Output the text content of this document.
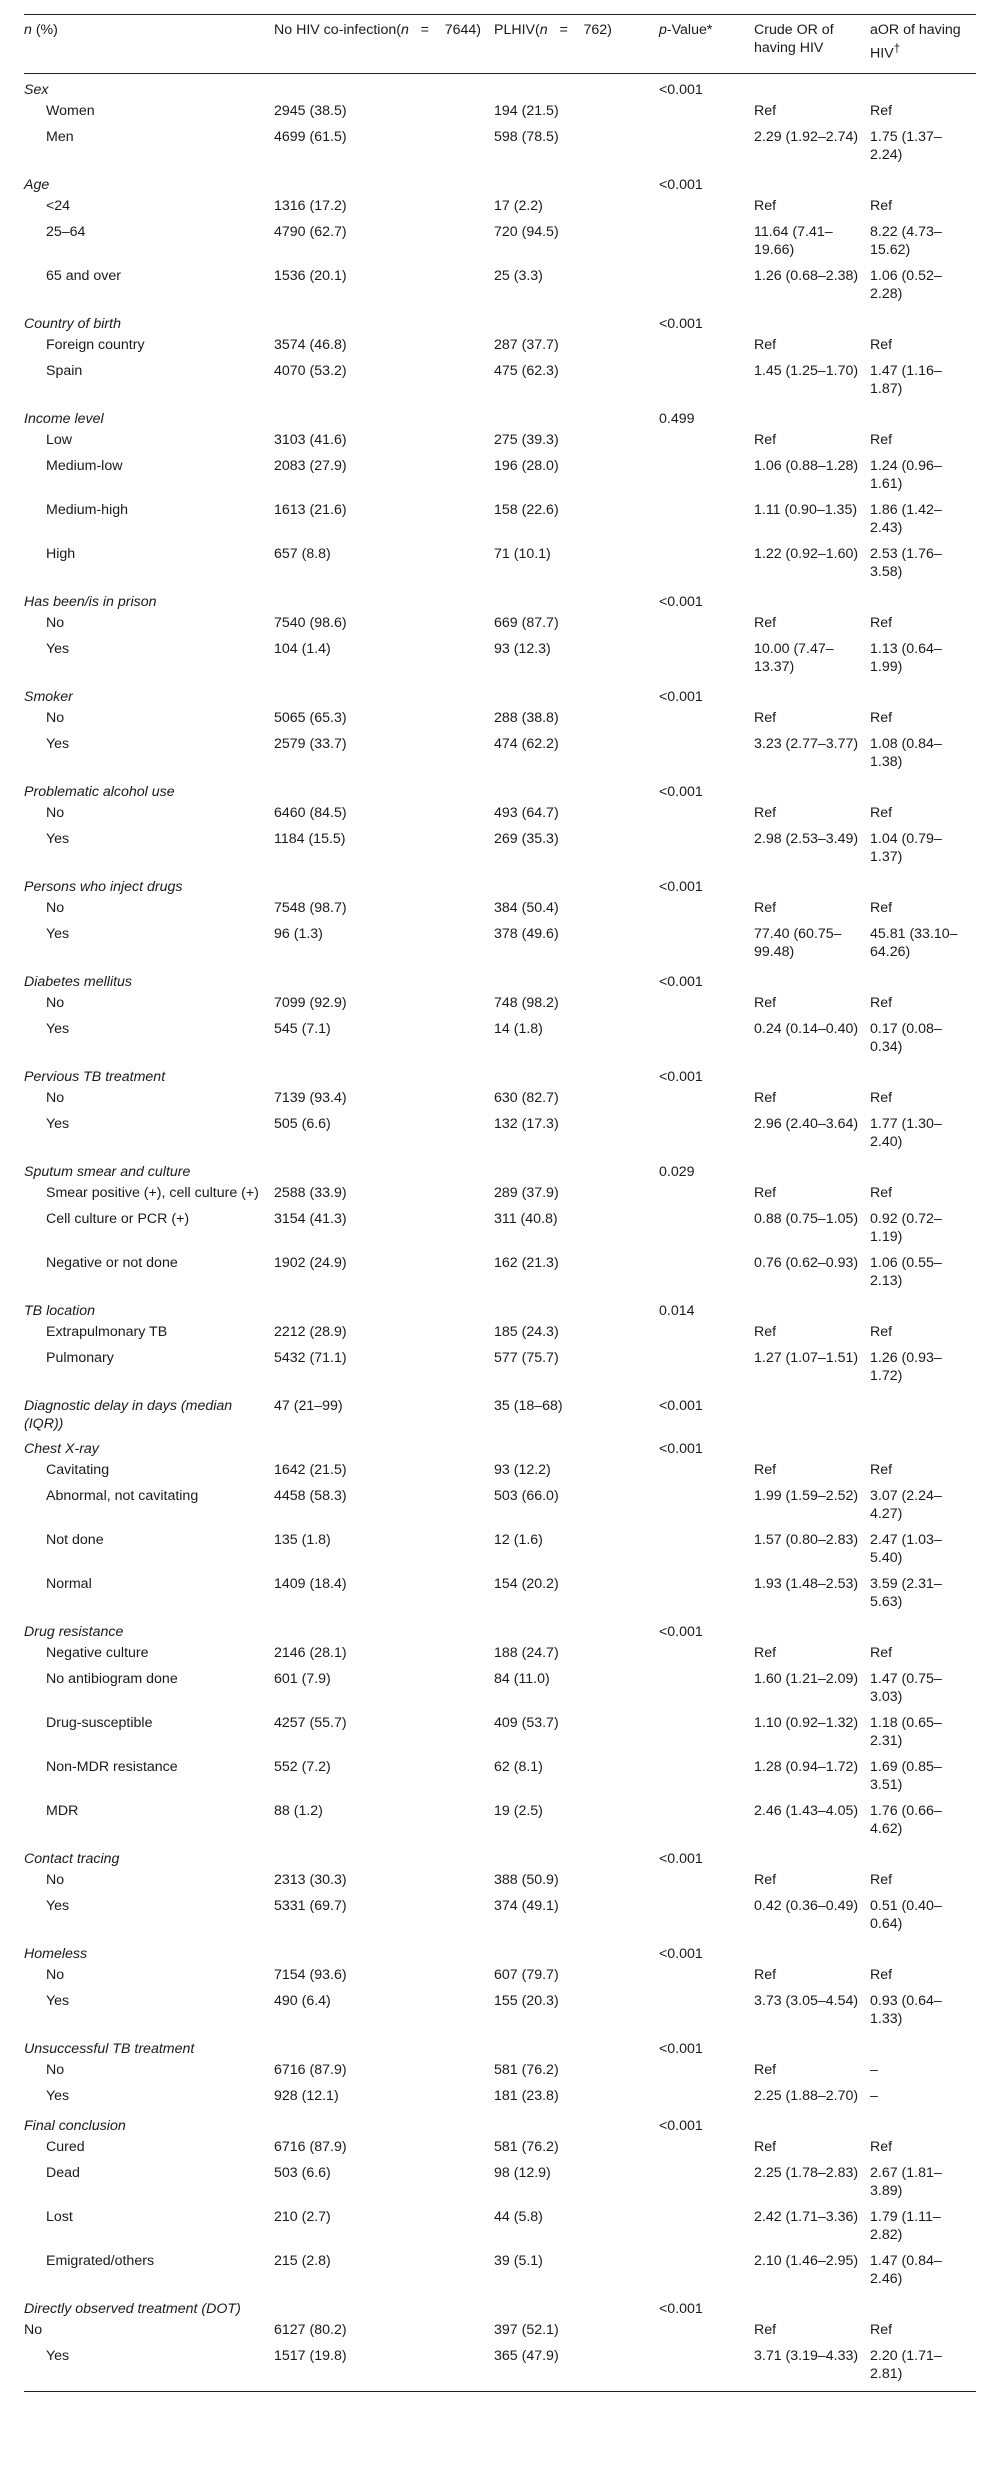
n (%)	No HIV co-infection(n   =    7644)	PLHIV(n   =    762)	p-Value*	Crude OR of having HIV	aOR of having HIV†
Sex			<0.001		
Women	2945 (38.5)	194 (21.5)		Ref	Ref
Men	4699 (61.5)	598 (78.5)		2.29 (1.92–2.74)	1.75 (1.37–2.24)
Age			<0.001		
<24	1316 (17.2)	17 (2.2)		Ref	Ref
25–64	4790 (62.7)	720 (94.5)		11.64 (7.41–19.66)	8.22 (4.73–15.62)
65 and over	1536 (20.1)	25 (3.3)		1.26 (0.68–2.38)	1.06 (0.52–2.28)
Country of birth			<0.001		
Foreign country	3574 (46.8)	287 (37.7)		Ref	Ref
Spain	4070 (53.2)	475 (62.3)		1.45 (1.25–1.70)	1.47 (1.16–1.87)
Income level			0.499		
Low	3103 (41.6)	275 (39.3)		Ref	Ref
Medium-low	2083 (27.9)	196 (28.0)		1.06 (0.88–1.28)	1.24 (0.96–1.61)
Medium-high	1613 (21.6)	158 (22.6)		1.11 (0.90–1.35)	1.86 (1.42–2.43)
High	657 (8.8)	71 (10.1)		1.22 (0.92–1.60)	2.53 (1.76–3.58)
Has been/is in prison			<0.001		
No	7540 (98.6)	669 (87.7)		Ref	Ref
Yes	104 (1.4)	93 (12.3)		10.00 (7.47–13.37)	1.13 (0.64–1.99)
Smoker			<0.001		
No	5065 (65.3)	288 (38.8)		Ref	Ref
Yes	2579 (33.7)	474 (62.2)		3.23 (2.77–3.77)	1.08 (0.84–1.38)
Problematic alcohol use			<0.001		
No	6460 (84.5)	493 (64.7)		Ref	Ref
Yes	1184 (15.5)	269 (35.3)		2.98 (2.53–3.49)	1.04 (0.79–1.37)
Persons who inject drugs			<0.001		
No	7548 (98.7)	384 (50.4)		Ref	Ref
Yes	96 (1.3)	378 (49.6)		77.40 (60.75–99.48)	45.81 (33.10–64.26)
Diabetes mellitus			<0.001		
No	7099 (92.9)	748 (98.2)		Ref	Ref
Yes	545 (7.1)	14 (1.8)		0.24 (0.14–0.40)	0.17 (0.08–0.34)
Pervious TB treatment			<0.001		
No	7139 (93.4)	630 (82.7)		Ref	Ref
Yes	505 (6.6)	132 (17.3)		2.96 (2.40–3.64)	1.77 (1.30–2.40)
Sputum smear and culture			0.029		
Smear positive (+), cell culture (+)	2588 (33.9)	289 (37.9)		Ref	Ref
Cell culture or PCR (+)	3154 (41.3)	311 (40.8)		0.88 (0.75–1.05)	0.92 (0.72–1.19)
Negative or not done	1902 (24.9)	162 (21.3)		0.76 (0.62–0.93)	1.06 (0.55–2.13)
TB location			0.014		
Extrapulmonary TB	2212 (28.9)	185 (24.3)		Ref	Ref
Pulmonary	5432 (71.1)	577 (75.7)		1.27 (1.07–1.51)	1.26 (0.93–1.72)
Diagnostic delay in days (median (IQR))	47 (21–99)	35 (18–68)	<0.001		
Chest X-ray			<0.001		
Cavitating	1642 (21.5)	93 (12.2)		Ref	Ref
Abnormal, not cavitating	4458 (58.3)	503 (66.0)		1.99 (1.59–2.52)	3.07 (2.24–4.27)
Not done	135 (1.8)	12 (1.6)		1.57 (0.80–2.83)	2.47 (1.03–5.40)
Normal	1409 (18.4)	154 (20.2)		1.93 (1.48–2.53)	3.59 (2.31–5.63)
Drug resistance			<0.001		
Negative culture	2146 (28.1)	188 (24.7)		Ref	Ref
No antibiogram done	601 (7.9)	84 (11.0)		1.60 (1.21–2.09)	1.47 (0.75–3.03)
Drug-susceptible	4257 (55.7)	409 (53.7)		1.10 (0.92–1.32)	1.18 (0.65–2.31)
Non-MDR resistance	552 (7.2)	62 (8.1)		1.28 (0.94–1.72)	1.69 (0.85–3.51)
MDR	88 (1.2)	19 (2.5)		2.46 (1.43–4.05)	1.76 (0.66–4.62)
Contact tracing			<0.001		
No	2313 (30.3)	388 (50.9)		Ref	Ref
Yes	5331 (69.7)	374 (49.1)		0.42 (0.36–0.49)	0.51 (0.40–0.64)
Homeless			<0.001		
No	7154 (93.6)	607 (79.7)		Ref	Ref
Yes	490 (6.4)	155 (20.3)		3.73 (3.05–4.54)	0.93 (0.64–1.33)
Unsuccessful TB treatment			<0.001		
No	6716 (87.9)	581 (76.2)		Ref	–
Yes	928 (12.1)	181 (23.8)		2.25 (1.88–2.70)	–
Final conclusion			<0.001		
Cured	6716 (87.9)	581 (76.2)		Ref	Ref
Dead	503 (6.6)	98 (12.9)		2.25 (1.78–2.83)	2.67 (1.81–3.89)
Lost	210 (2.7)	44 (5.8)		2.42 (1.71–3.36)	1.79 (1.11–2.82)
Emigrated/others	215 (2.8)	39 (5.1)		2.10 (1.46–2.95)	1.47 (0.84–2.46)
Directly observed treatment (DOT)			<0.001		
No	6127 (80.2)	397 (52.1)		Ref	Ref
Yes	1517 (19.8)	365 (47.9)		3.71 (3.19–4.33)	2.20 (1.71–2.81)
